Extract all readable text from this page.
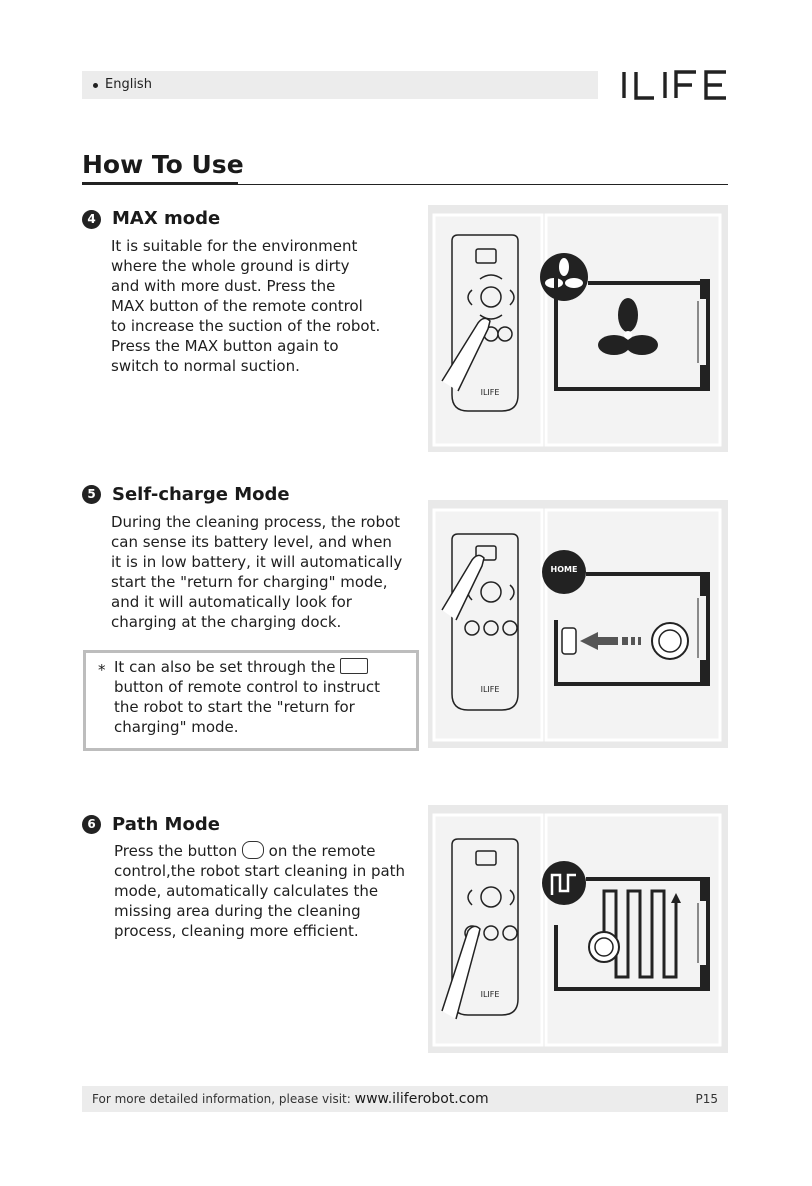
English
How To Use
4 MAX mode
It is suitable for the environment
where the whole ground is dirty
and with more dust. Press the
MAX button of the remote control
to increase the suction of the robot.
Press the MAX button again to
switch to normal suction.
ILIFE
5 Self-charge Mode
During the cleaning process, the robot
can sense its battery level, and when
it is in low battery, it will automatically
start the "return for charging" mode,
and it will automatically look for
charging at the charging dock.
* It can also be set through the
button of remote control to instruct
the robot to start the "return for
charging" mode.
ILIFE
HOME
6 Path Mode
Press the button on the remote
control,the robot start cleaning in path
mode, automatically calculates the
missing area during the cleaning
process, cleaning more efficient.
ILIFE
For more detailed information, please visit: www.iliferobot.com	P15
